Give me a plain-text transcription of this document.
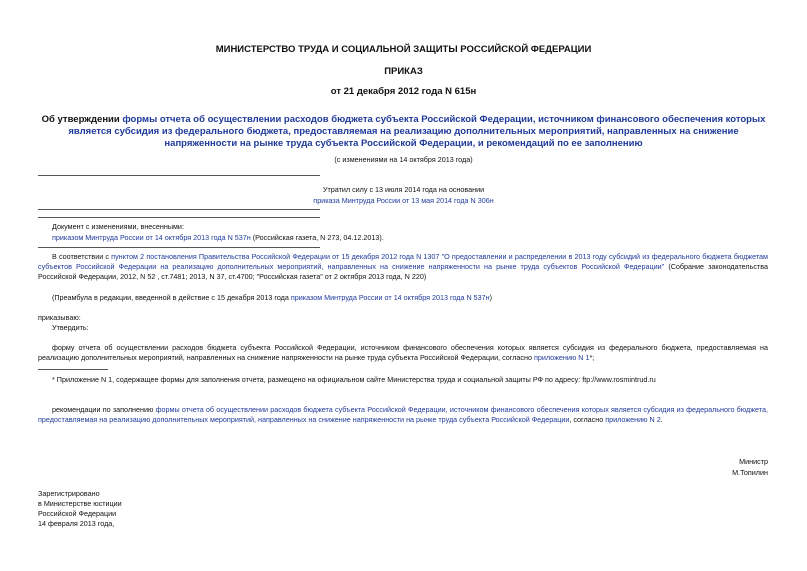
МИНИСТЕРСТВО ТРУДА И СОЦИАЛЬНОЙ ЗАЩИТЫ РОССИЙСКОЙ ФЕДЕРАЦИИ
ПРИКАЗ
от 21 декабря 2012 года N 615н
Об утверждении формы отчета об осуществлении расходов бюджета субъекта Российской Федерации, источником финансового обеспечения которых является субсидия из федерального бюджета, предоставляемая на реализацию дополнительных мероприятий, направленных на снижение напряженности на рынке труда субъекта Российской Федерации, и рекомендаций по ее заполнению
(с изменениями на 14 октября 2013 года)
Утратил силу с 13 июля 2014 года на основании
приказа Минтруда России от 13 мая 2014 года N 306н
Документ с изменениями, внесенными:
приказом Минтруда России от 14 октября 2013 года N 537н (Российская газета, N 273, 04.12.2013).
В соответствии с пунктом 2 постановления Правительства Российской Федерации от 15 декабря 2012 года N 1307 "О предоставлении и распределении в 2013 году субсидий из федерального бюджета бюджетам субъектов Российской Федерации на реализацию дополнительных мероприятий, направленных на снижение напряженности на рынке труда субъектов Российской Федерации" (Собрание законодательства Российской Федерации, 2012, N 52 , ст.7481; 2013, N 37, ст.4700; "Российская газета" от 2 октября 2013 года, N 220)
(Преамбула в редакции, введенной в действие с 15 декабря 2013 года приказом Минтруда России от 14 октября 2013 года N 537н)
приказываю:
Утвердить:
форму отчета об осуществлении расходов бюджета субъекта Российской Федерации, источником финансового обеспечения которых является субсидия из федерального бюджета, предоставляемая на реализацию дополнительных мероприятий, направленных на снижение напряженности на рынке труда субъекта Российской Федерации, согласно приложению N 1*;
* Приложение N 1, содержащее формы для заполнения отчета, размещено на официальном сайте Министерства труда и социальной защиты РФ по адресу: ftp://www.rosmintrud.ru
рекомендации по заполнению формы отчета об осуществлении расходов бюджета субъекта Российской Федерации, источником финансового обеспечения которых является субсидия из федерального бюджета, предоставляемая на реализацию дополнительных мероприятий, направленных на снижение напряженности на рынке труда субъекта Российской Федерации, согласно приложению N 2.
Министр
М.Топилин
Зарегистрировано
в Министерстве юстиции
Российской Федерации
14 февраля 2013 года,
